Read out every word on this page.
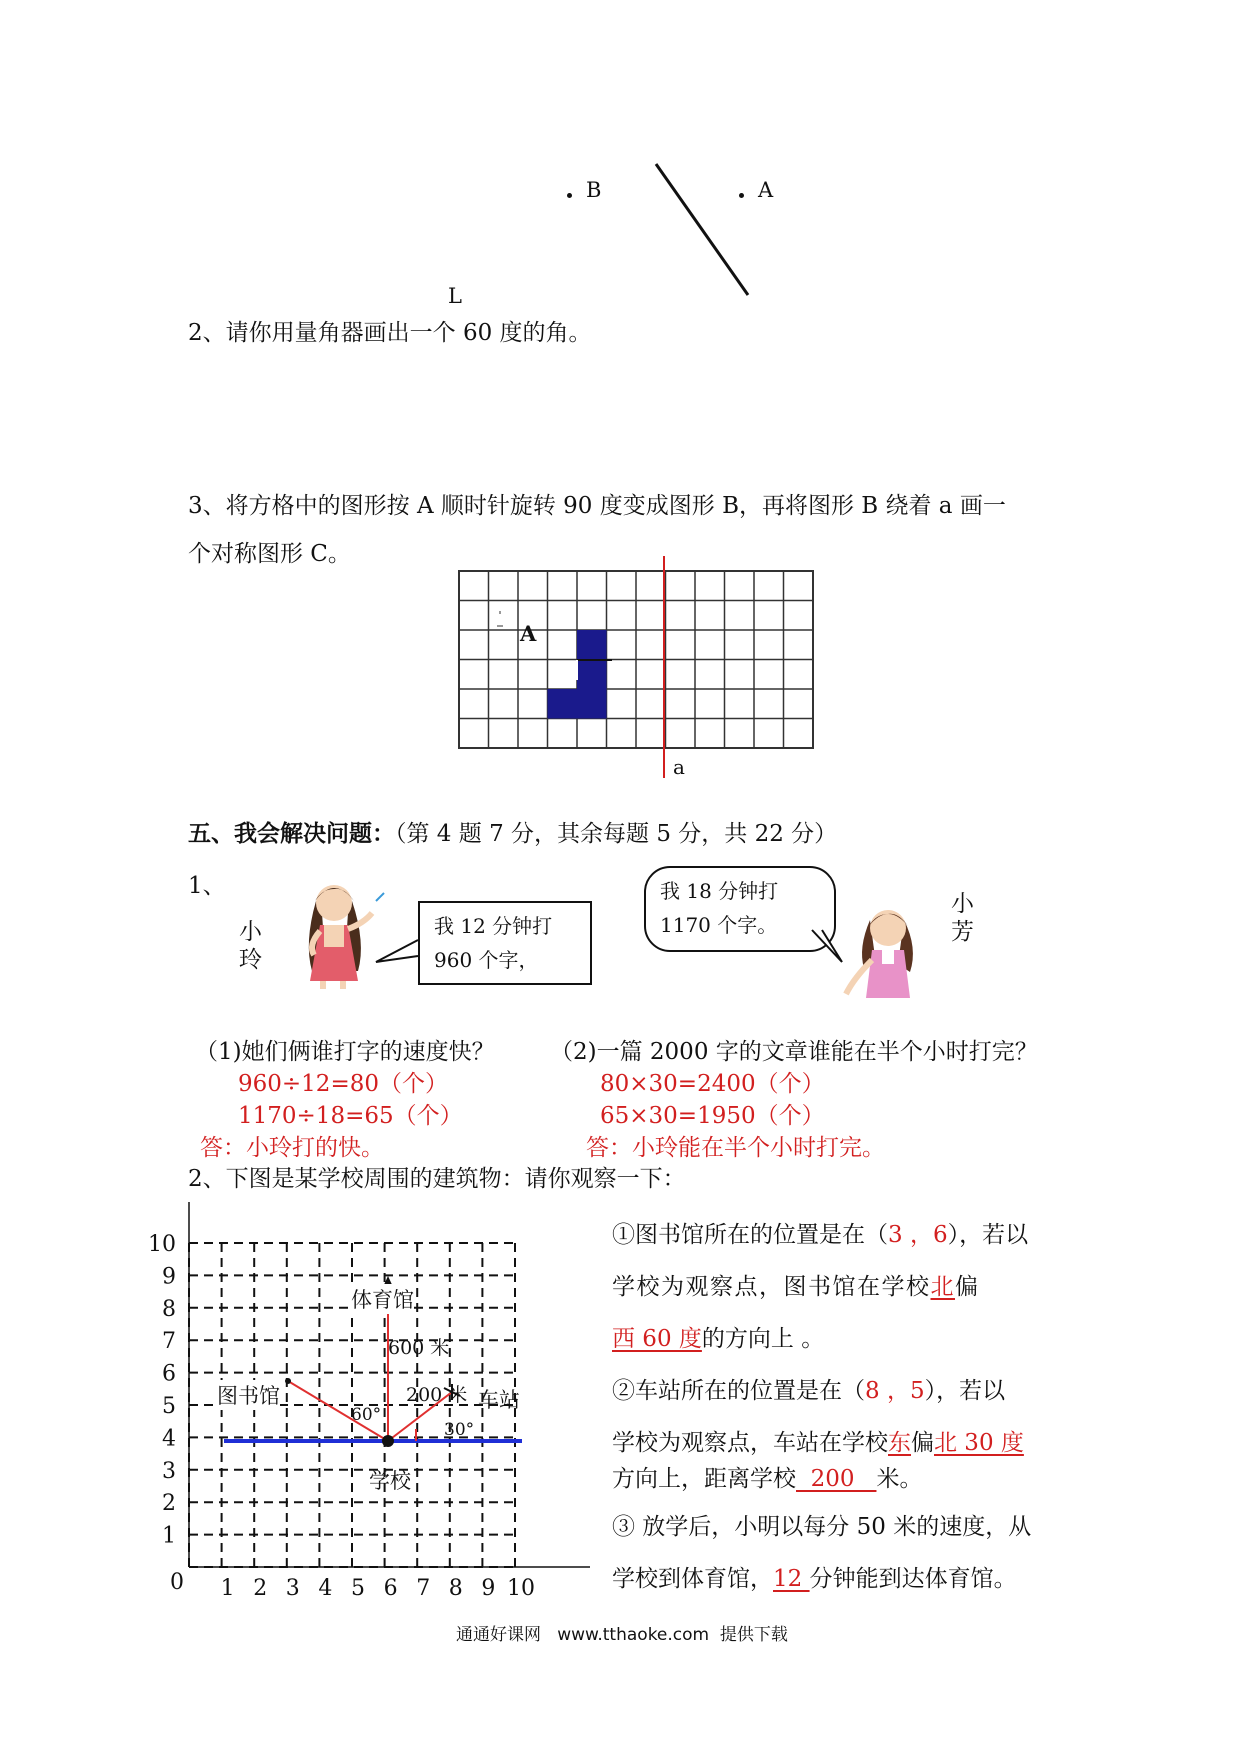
B	A
L
2、请你用量角器画出一个 60 度的角。
3、将方格中的图形按 A 顺时针旋转 90 度变成图形 B，再将图形 B 绕着 a 画一
个对称图形 C。
A
a
五、我会解决问题：（第 4 题 7 分，其余每题 5 分，共 22 分）
1、
小
玲
我 12 分钟打
960 个字，
我 18 分钟打
1170 个字。
小
芳
（1)她们俩谁打字的速度快？
960÷12=80（个）
1170÷18=65（个）
答：小玲打的快。
（2)一篇 2000 字的文章谁能在半个小时打完？
80×30=2400（个）
65×30=1950（个）
答：小玲能在半个小时打完。
2、下图是某学校周围的建筑物：请你观察一下：
1 2 3 4 5 6 7 8 9 10
0
1
2
3
4
5
6
7
8
9
10
体育馆
600 米
图书馆	200 米 车站
60°
30°
学校
①图书馆所在的位置是在（3 ，6），若以
学校为观察点，图书馆在学校北偏
西 60 度的方向上 。
②车站所在的位置是在（8 ，5），若以
学校为观察点，车站在学校东偏北 30 度
方向上，距离学校  200   米。
③ 放学后，小明以每分 50 米的速度，从
学校到体育馆，12 分钟能到达体育馆。
通通好课网   www.tthaoke.com  提供下载
